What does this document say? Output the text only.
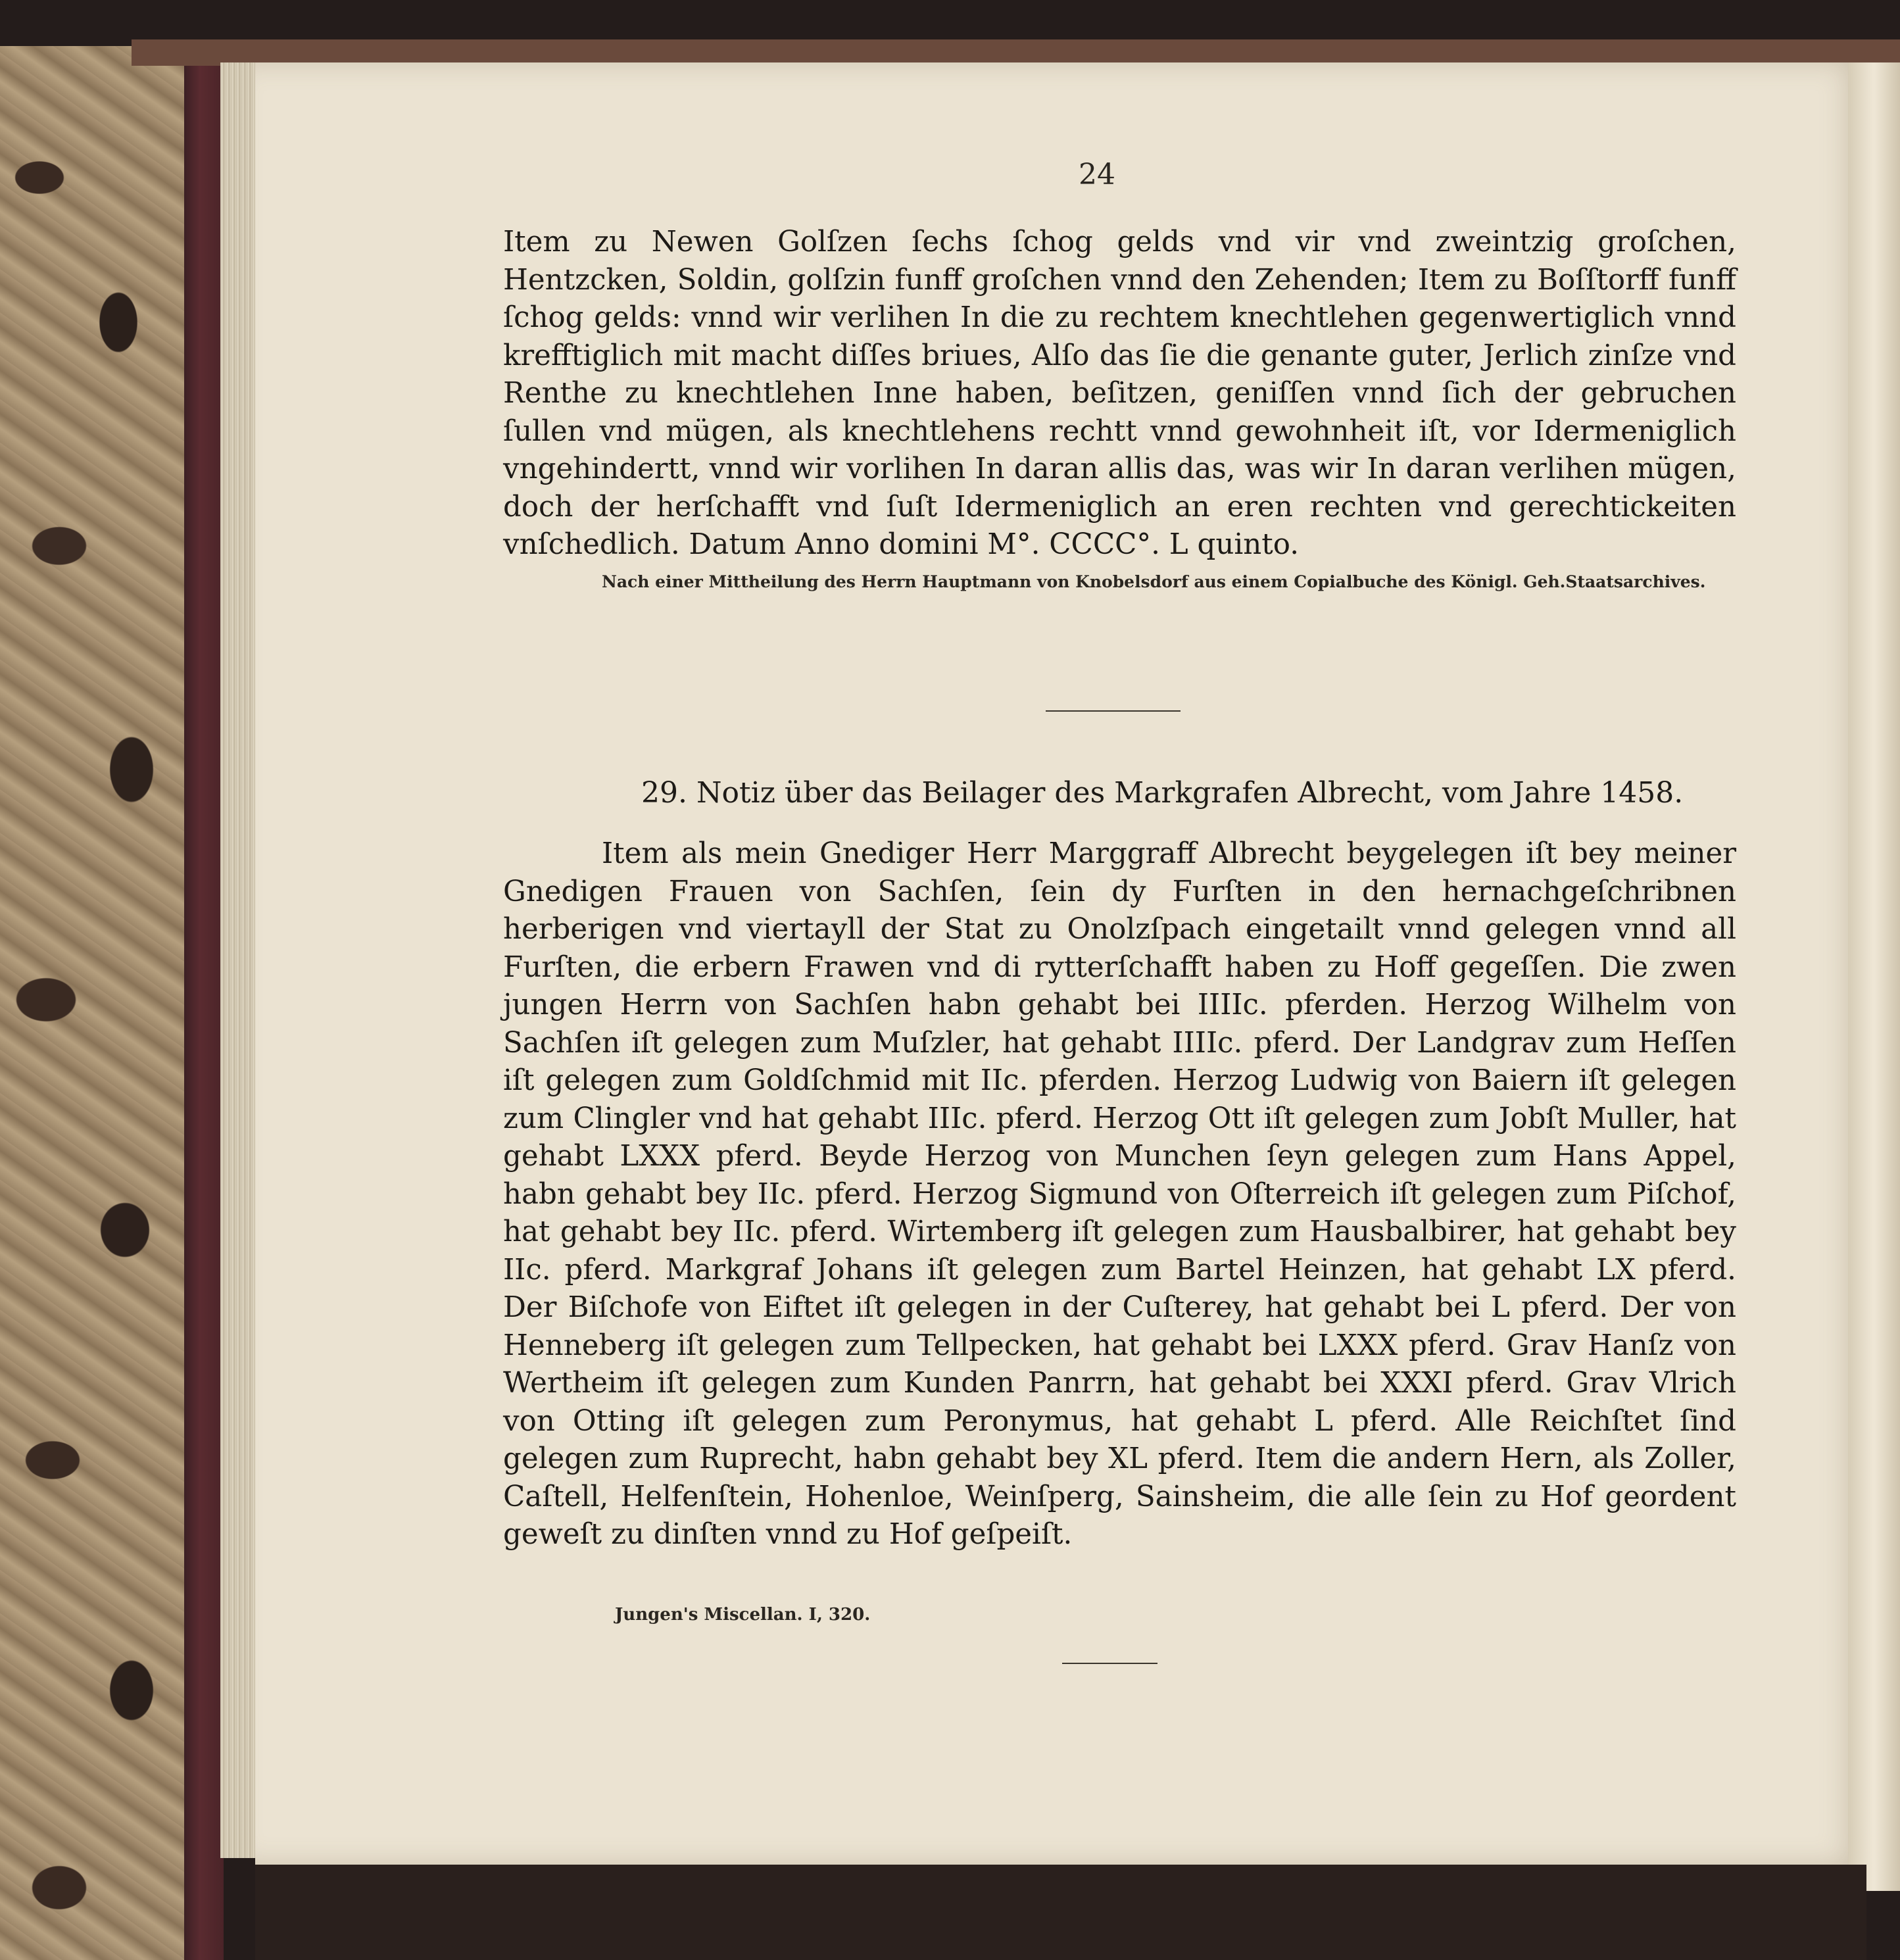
24

Item zu Newen Golſzen ſechs ſchog gelds vnd vir vnd zweintzig groſchen, Hentzcken, Soldin, golſzin funff groſchen vnnd den Zehenden; Item zu Boſſtorff funff ſchog gelds: vnnd wir verlihen In die zu rechtem knechtlehen gegenwertiglich vnnd krefftiglich mit macht diſſes briues, Alſo das ſie die genante guter, Jerlich zinſze vnd Renthe zu knechtlehen Inne haben, beſitzen, geniſſen vnnd ſich der gebruchen ſullen vnd mügen, als knechtlehens rechtt vnnd gewohnheit iſt, vor Idermeniglich vngehindertt, vnnd wir vorlihen In daran allis das, was wir In daran verlihen mügen, doch der herſchafft vnd ſuſt Idermeniglich an eren rechten vnd gerechtickeiten vnſchedlich. Datum Anno domini M°. CCCC°. L quinto.

Nach einer Mittheilung des Herrn Hauptmann von Knobelsdorf aus einem Copialbuche des Königl. Geh.Staatsarchives.
29. Notiz über das Beilager des Markgrafen Albrecht, vom Jahre 1458.

Item als mein Gnediger Herr Marggraff Albrecht beygelegen iſt bey meiner Gnedigen Frauen von Sachſen, ſein dy Furſten in den hernachgeſchribnen herberigen vnd viertayll der Stat zu Onolzſpach eingetailt vnnd gelegen vnnd all Furſten, die erbern Frawen vnd di rytterſchafft haben zu Hoff gegeſſen. Die zwen jungen Herrn von Sachſen habn gehabt bei IIIIc. pferden. Herzog Wilhelm von Sachſen iſt gelegen zum Muſzler, hat gehabt IIIIc. pferd. Der Landgrav zum Heſſen iſt gelegen zum Goldſchmid mit IIc. pferden. Herzog Ludwig von Baiern iſt gelegen zum Clingler vnd hat gehabt IIIc. pferd. Herzog Ott iſt gelegen zum Jobſt Muller, hat gehabt LXXX pferd. Beyde Herzog von Munchen ſeyn gelegen zum Hans Appel, habn gehabt bey IIc. pferd. Herzog Sigmund von Oſterreich iſt gelegen zum Piſchof, hat gehabt bey IIc. pferd. Wirtemberg iſt gelegen zum Hausbalbirer, hat gehabt bey IIc. pferd. Markgraf Johans iſt gelegen zum Bartel Heinzen, hat gehabt LX pferd. Der Biſchofe von Eiftet iſt gelegen in der Cuſterey, hat gehabt bei L pferd. Der von Henneberg iſt gelegen zum Tellpecken, hat gehabt bei LXXX pferd. Grav Hanſz von Wertheim iſt gelegen zum Kunden Panrrn, hat gehabt bei XXXI pferd. Grav Vlrich von Otting iſt gelegen zum Peronymus, hat gehabt L pferd. Alle Reichſtet ſind gelegen zum Ruprecht, habn gehabt bey XL pferd. Item die andern Hern, als Zoller, Caſtell, Helfenſtein, Hohenloe, Weinſperg, Sainsheim, die alle ſein zu Hof geordent geweſt zu dinſten vnnd zu Hof geſpeiſt.

Jungen's Miscellan. I, 320.
